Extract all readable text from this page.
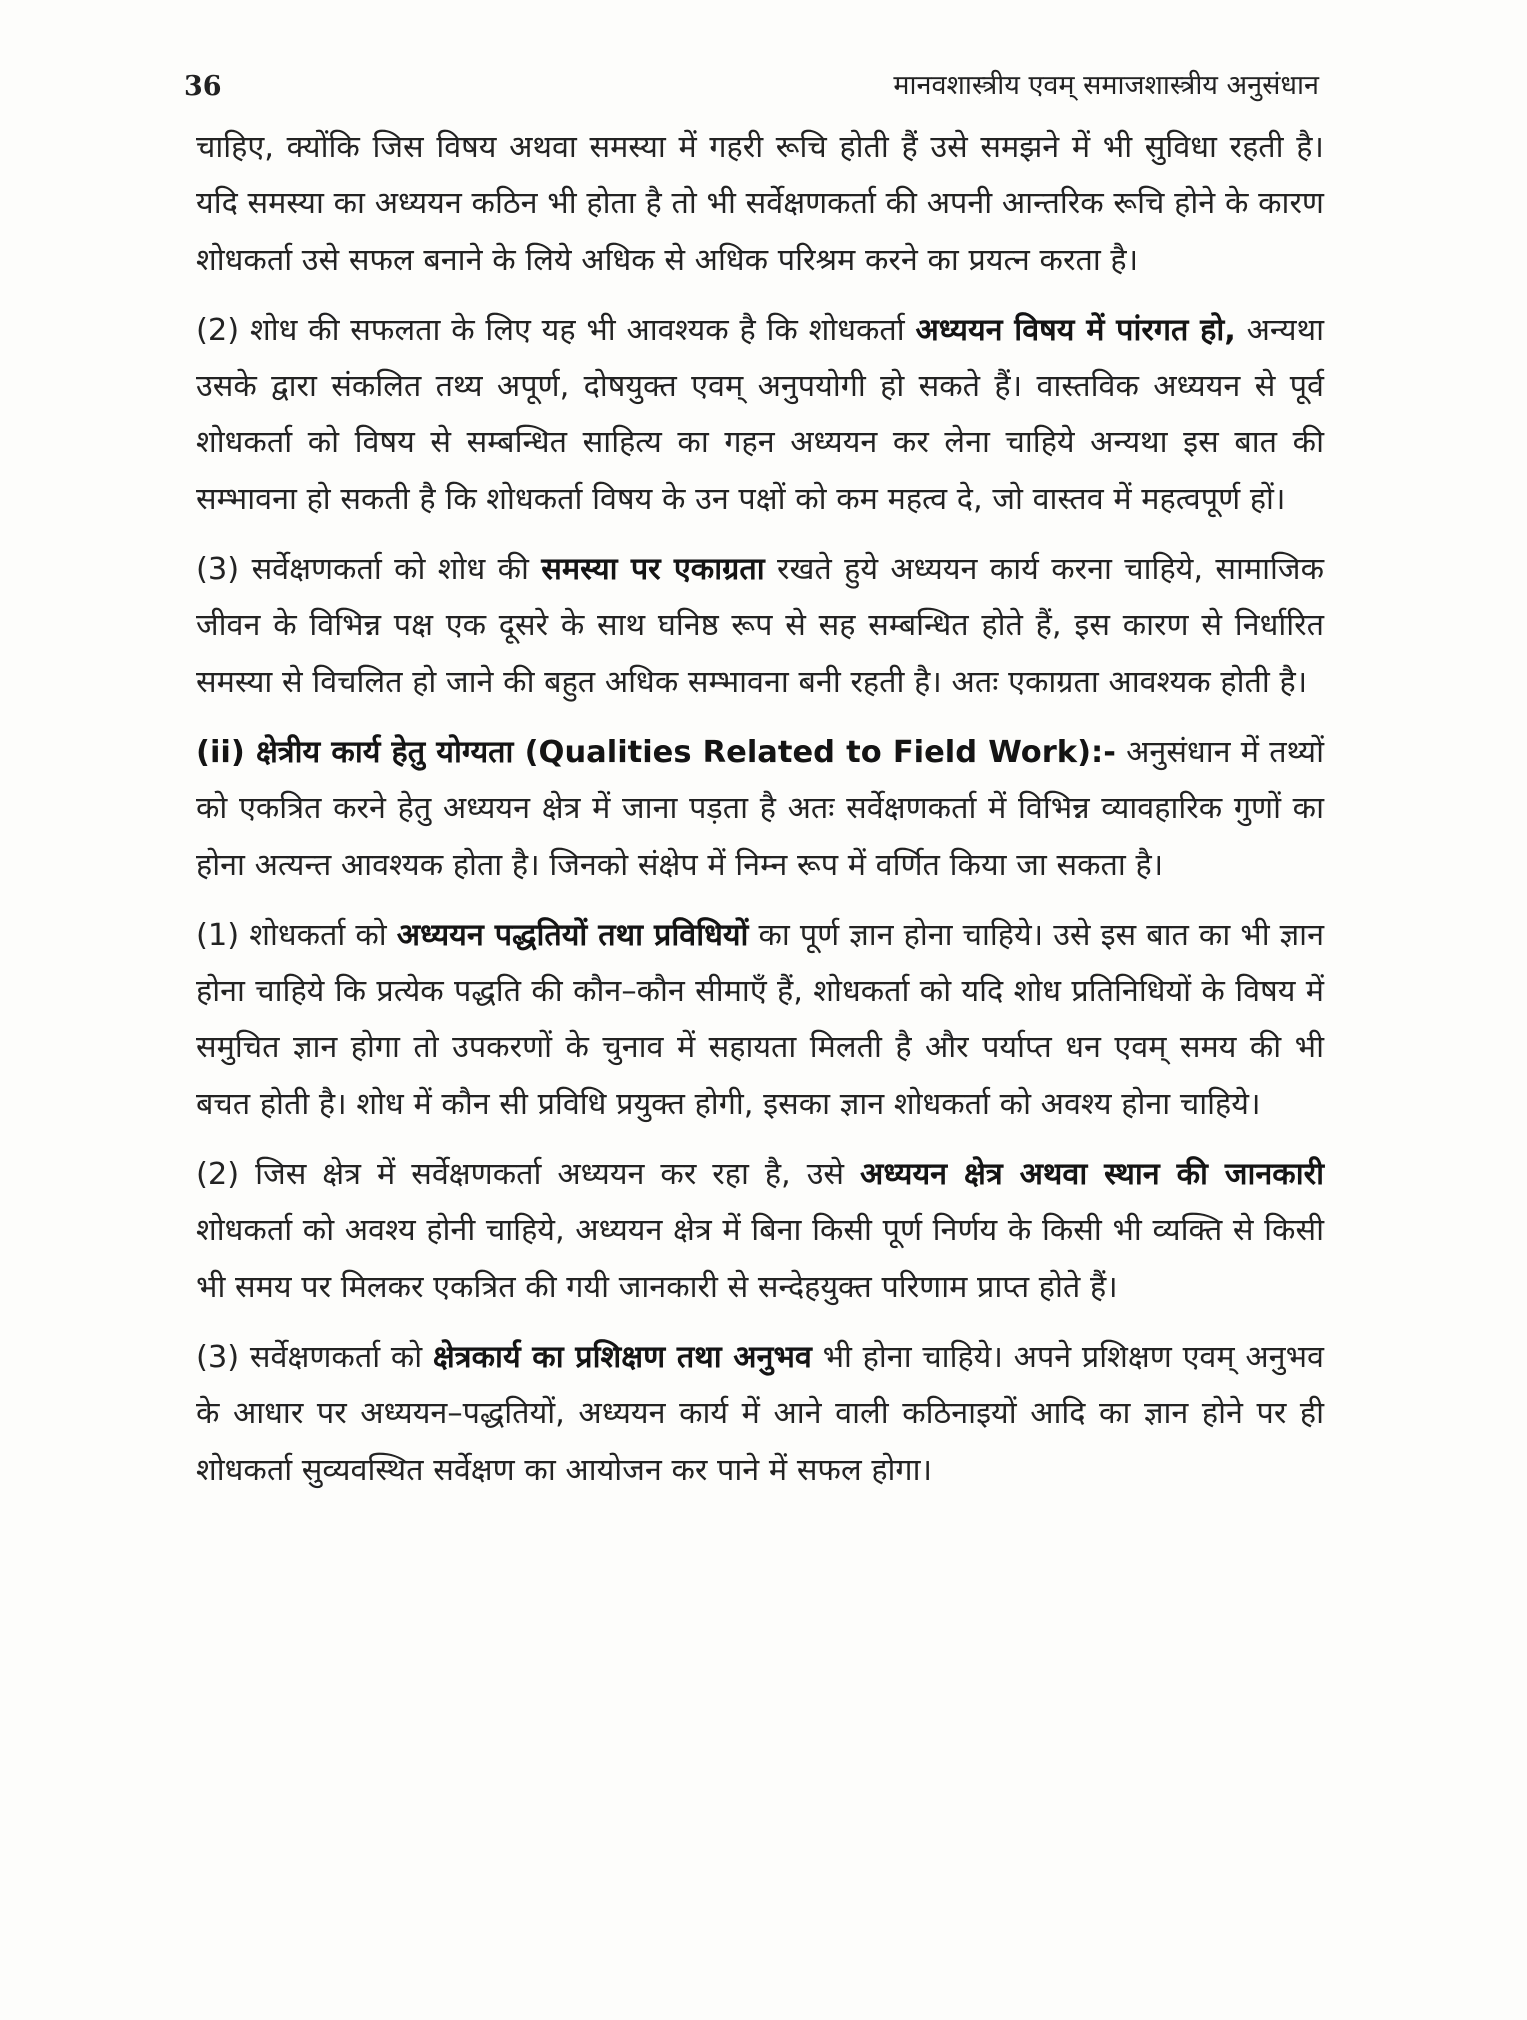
36	मानवशास्त्रीय एवम् समाजशास्त्रीय अनुसंधान

चाहिए, क्योंकि जिस विषय अथवा समस्या में गहरी रूचि होती हैं उसे समझने में भी सुविधा रहती है। यदि समस्या का अध्ययन कठिन भी होता है तो भी सर्वेक्षणकर्ता की अपनी आन्तरिक रूचि होने के कारण शोधकर्ता उसे सफल बनाने के लिये अधिक से अधिक परिश्रम करने का प्रयत्न करता है।

(2) शोध की सफलता के लिए यह भी आवश्यक है कि शोधकर्ता अध्ययन विषय में पांरगत हो, अन्यथा उसके द्वारा संकलित तथ्य अपूर्ण, दोषयुक्त एवम् अनुपयोगी हो सकते हैं। वास्तविक अध्ययन से पूर्व शोधकर्ता को विषय से सम्बन्धित साहित्य का गहन अध्ययन कर लेना चाहिये अन्यथा इस बात की सम्भावना हो सकती है कि शोधकर्ता विषय के उन पक्षों को कम महत्व दे, जो वास्तव में महत्वपूर्ण हों।

(3) सर्वेक्षणकर्ता को शोध की समस्या पर एकाग्रता रखते हुये अध्ययन कार्य करना चाहिये, सामाजिक जीवन के विभिन्न पक्ष एक दूसरे के साथ घनिष्ठ रूप से सह सम्बन्धित होते हैं, इस कारण से निर्धारित समस्या से विचलित हो जाने की बहुत अधिक सम्भावना बनी रहती है। अतः एकाग्रता आवश्यक होती है।

(ii) क्षेत्रीय कार्य हेतु योग्यता (Qualities Related to Field Work):- अनुसंधान में तथ्यों को एकत्रित करने हेतु अध्ययन क्षेत्र में जाना पड़ता है अतः सर्वेक्षणकर्ता में विभिन्न व्यावहारिक गुणों का होना अत्यन्त आवश्यक होता है। जिनको संक्षेप में निम्न रूप में वर्णित किया जा सकता है।

(1) शोधकर्ता को अध्ययन पद्धतियों तथा प्रविधियों का पूर्ण ज्ञान होना चाहिये। उसे इस बात का भी ज्ञान होना चाहिये कि प्रत्येक पद्धति की कौन–कौन सीमाएँ हैं, शोधकर्ता को यदि शोध प्रतिनिधियों के विषय में समुचित ज्ञान होगा तो उपकरणों के चुनाव में सहायता मिलती है और पर्याप्त धन एवम् समय की भी बचत होती है। शोध में कौन सी प्रविधि प्रयुक्त होगी, इसका ज्ञान शोधकर्ता को अवश्य होना चाहिये।

(2) जिस क्षेत्र में सर्वेक्षणकर्ता अध्ययन कर रहा है, उसे अध्ययन क्षेत्र अथवा स्थान की जानकारी शोधकर्ता को अवश्य होनी चाहिये, अध्ययन क्षेत्र में बिना किसी पूर्ण निर्णय के किसी भी व्यक्ति से किसी भी समय पर मिलकर एकत्रित की गयी जानकारी से सन्देहयुक्त परिणाम प्राप्त होते हैं।

(3) सर्वेक्षणकर्ता को क्षेत्रकार्य का प्रशिक्षण तथा अनुभव भी होना चाहिये। अपने प्रशिक्षण एवम् अनुभव के आधार पर अध्ययन–पद्धतियों, अध्ययन कार्य में आने वाली कठिनाइयों आदि का ज्ञान होने पर ही शोधकर्ता सुव्यवस्थित सर्वेक्षण का आयोजन कर पाने में सफल होगा।
